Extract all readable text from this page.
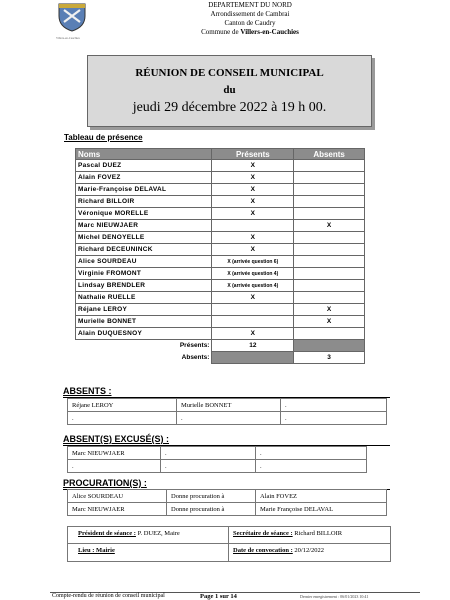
Villers-en-Cauchies
DEPARTEMENT DU NORD
Arrondissement de Cambrai
Canton de Caudry
Commune de Villers-en-Cauchies
RÉUNION DE CONSEIL MUNICIPAL
du
jeudi 29 décembre 2022 à 19 h 00.
Tableau de présence
Noms	Présents	Absents
Pascal DUEZ	X	
Alain FOVEZ	X	
Marie-Françoise DELAVAL	X	
Richard BILLOIR	X	
Véronique MORELLE	X	
Marc NIEUWJAER		X
Michel DENOYELLE	X	
Richard DECEUNINCK	X	
Alice SOURDEAU	X (arrivée question 6)	
Virginie FROMONT	X (arrivée question 4)	
Lindsay BRENDLER	X (arrivée question 4)	
Nathalie RUELLE	X	
Réjane LEROY		X
Murielle BONNET		X
Alain DUQUESNOY	X	
Présents:	12	
Absents:		3
ABSENTS :
Réjane LEROY	Murielle BONNET	.
.	.	.
ABSENT(S) EXCUSÉ(S) :
Marc NIEUWJAER	.	.
.	.	.
PROCURATION(S) :
Alice SOURDEAU	Donne procuration à	Alain FOVEZ
Marc NIEUWJAER	Donne procuration à	Marie Françoise DELAVAL
Président de séance : P. DUEZ, Maire	Secrétaire de séance : Richard BILLOIR
Lieu : Mairie	Date de convocation : 20/12/2022
Compte-rendu de réunion de conseil municipal	Page 1 sur 14	Dernier enregistrement : 06/01/2023 10:41
